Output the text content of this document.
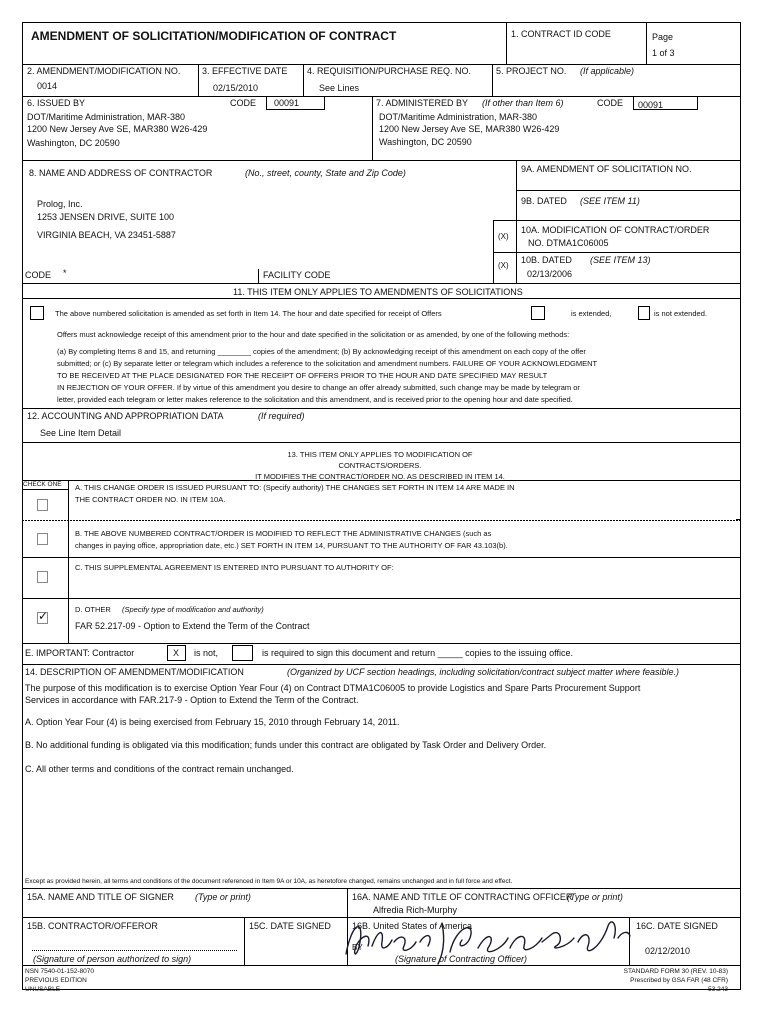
AMENDMENT OF SOLICITATION/MODIFICATION OF CONTRACT	1. CONTRACT ID CODE	Page
1 of 3
2. AMENDMENT/MODIFICATION NO.
0014
3. EFFECTIVE DATE
02/15/2010
4. REQUISITION/PURCHASE REQ. NO.
See Lines
5. PROJECT NO. (If applicable)
6. ISSUED BY	CODE 00091
DOT/Maritime Administration, MAR-380
1200 New Jersey Ave SE, MAR380 W26-429
Washington, DC 20590
7. ADMINISTERED BY (If other than Item 6)	CODE 00091
DOT/Maritime Administration, MAR-380
1200 New Jersey Ave SE, MAR380 W26-429
Washington, DC 20590
8. NAME AND ADDRESS OF CONTRACTOR	(No., street, county, State and Zip Code)
Prolog, Inc.
1253 JENSEN DRIVE, SUITE 100
VIRGINIA BEACH, VA 23451-5887
CODE *	FACILITY CODE
9A. AMENDMENT OF SOLICITATION NO.
9B. DATED (SEE ITEM 11)
(X)
10A. MODIFICATION OF CONTRACT/ORDER
NO. DTMA1C06005
(X)
10B. DATED (SEE ITEM 13)
02/13/2006
11. THIS ITEM ONLY APPLIES TO AMENDMENTS OF SOLICITATIONS
The above numbered solicitation is amended as set forth in Item 14. The hour and date specified for receipt of Offers	is extended,	is not extended.
Offers must acknowledge receipt of this amendment prior to the hour and date specified in the solicitation or as amended, by one of the following methods:
(a) By completing Items 8 and 15, and returning ________ copies of the amendment; (b) By acknowledging receipt of this amendment on each copy of the offer
submitted; or (c) By separate letter or telegram which includes a reference to the solicitation and amendment numbers. FAILURE OF YOUR ACKNOWLEDGMENT
TO BE RECEIVED AT THE PLACE DESIGNATED FOR THE RECEIPT OF OFFERS PRIOR TO THE HOUR AND DATE SPECIFIED MAY RESULT
IN REJECTION OF YOUR OFFER. If by virtue of this amendment you desire to change an offer already submitted, such change may be made by telegram or
letter, provided each telegram or letter makes reference to the solicitation and this amendment, and is received prior to the opening hour and date specified.
12. ACCOUNTING AND APPROPRIATION DATA	(If required)
See Line Item Detail
13. THIS ITEM ONLY APPLIES TO MODIFICATION OF
CONTRACTS/ORDERS.
IT MODIFIES THE CONTRACT/ORDER NO. AS DESCRIBED IN ITEM 14.
CHECK ONE A. THIS CHANGE ORDER IS ISSUED PURSUANT TO: (Specify authority) THE CHANGES SET FORTH IN ITEM 14 ARE MADE IN
THE CONTRACT ORDER NO. IN ITEM 10A.
B. THE ABOVE NUMBERED CONTRACT/ORDER IS MODIFIED TO REFLECT THE ADMINISTRATIVE CHANGES (such as
changes in paying office, appropriation date, etc.) SET FORTH IN ITEM 14, PURSUANT TO THE AUTHORITY OF FAR 43.103(b).
C. THIS SUPPLEMENTAL AGREEMENT IS ENTERED INTO PURSUANT TO AUTHORITY OF:
D. OTHER (Specify type of modification and authority)
FAR 52.217-09 - Option to Extend the Term of the Contract
✓
E. IMPORTANT: Contractor	X is not,	is required to sign this document and return _____ copies to the issuing office.
14. DESCRIPTION OF AMENDMENT/MODIFICATION	(Organized by UCF section headings, including solicitation/contract subject matter where feasible.)
The purpose of this modification is to exercise Option Year Four (4) on Contract DTMA1C06005 to provide Logistics and Spare Parts Procurement Support
Services in accordance with FAR.217-9 - Option to Extend the Term of the Contract.
A. Option Year Four (4) is being exercised from February 15, 2010 through February 14, 2011.
B. No additional funding is obligated via this modification; funds under this contract are obligated by Task Order and Delivery Order.
C. All other terms and conditions of the contract remain unchanged.
Except as provided herein, all terms and conditions of the document referenced in Item 9A or 10A, as heretofore changed, remains unchanged and in full force and effect.
15A. NAME AND TITLE OF SIGNER (Type or print)	16A. NAME AND TITLE OF CONTRACTING OFFICER
(Type or print)
Alfredia Rich-Murphy
15B. CONTRACTOR/OFFEROR	15C. DATE SIGNED 16B. United States of America	16C. DATE SIGNED
02/12/2010
BY
(Signature of person authorized to sign)	(Signature of Contracting Officer)
NSN 7540-01-152-8070
PREVIOUS EDITION
UNUSABLE
STANDARD FORM 30 (REV. 10-83)
Prescribed by GSA FAR (48 CFR)
53.243
